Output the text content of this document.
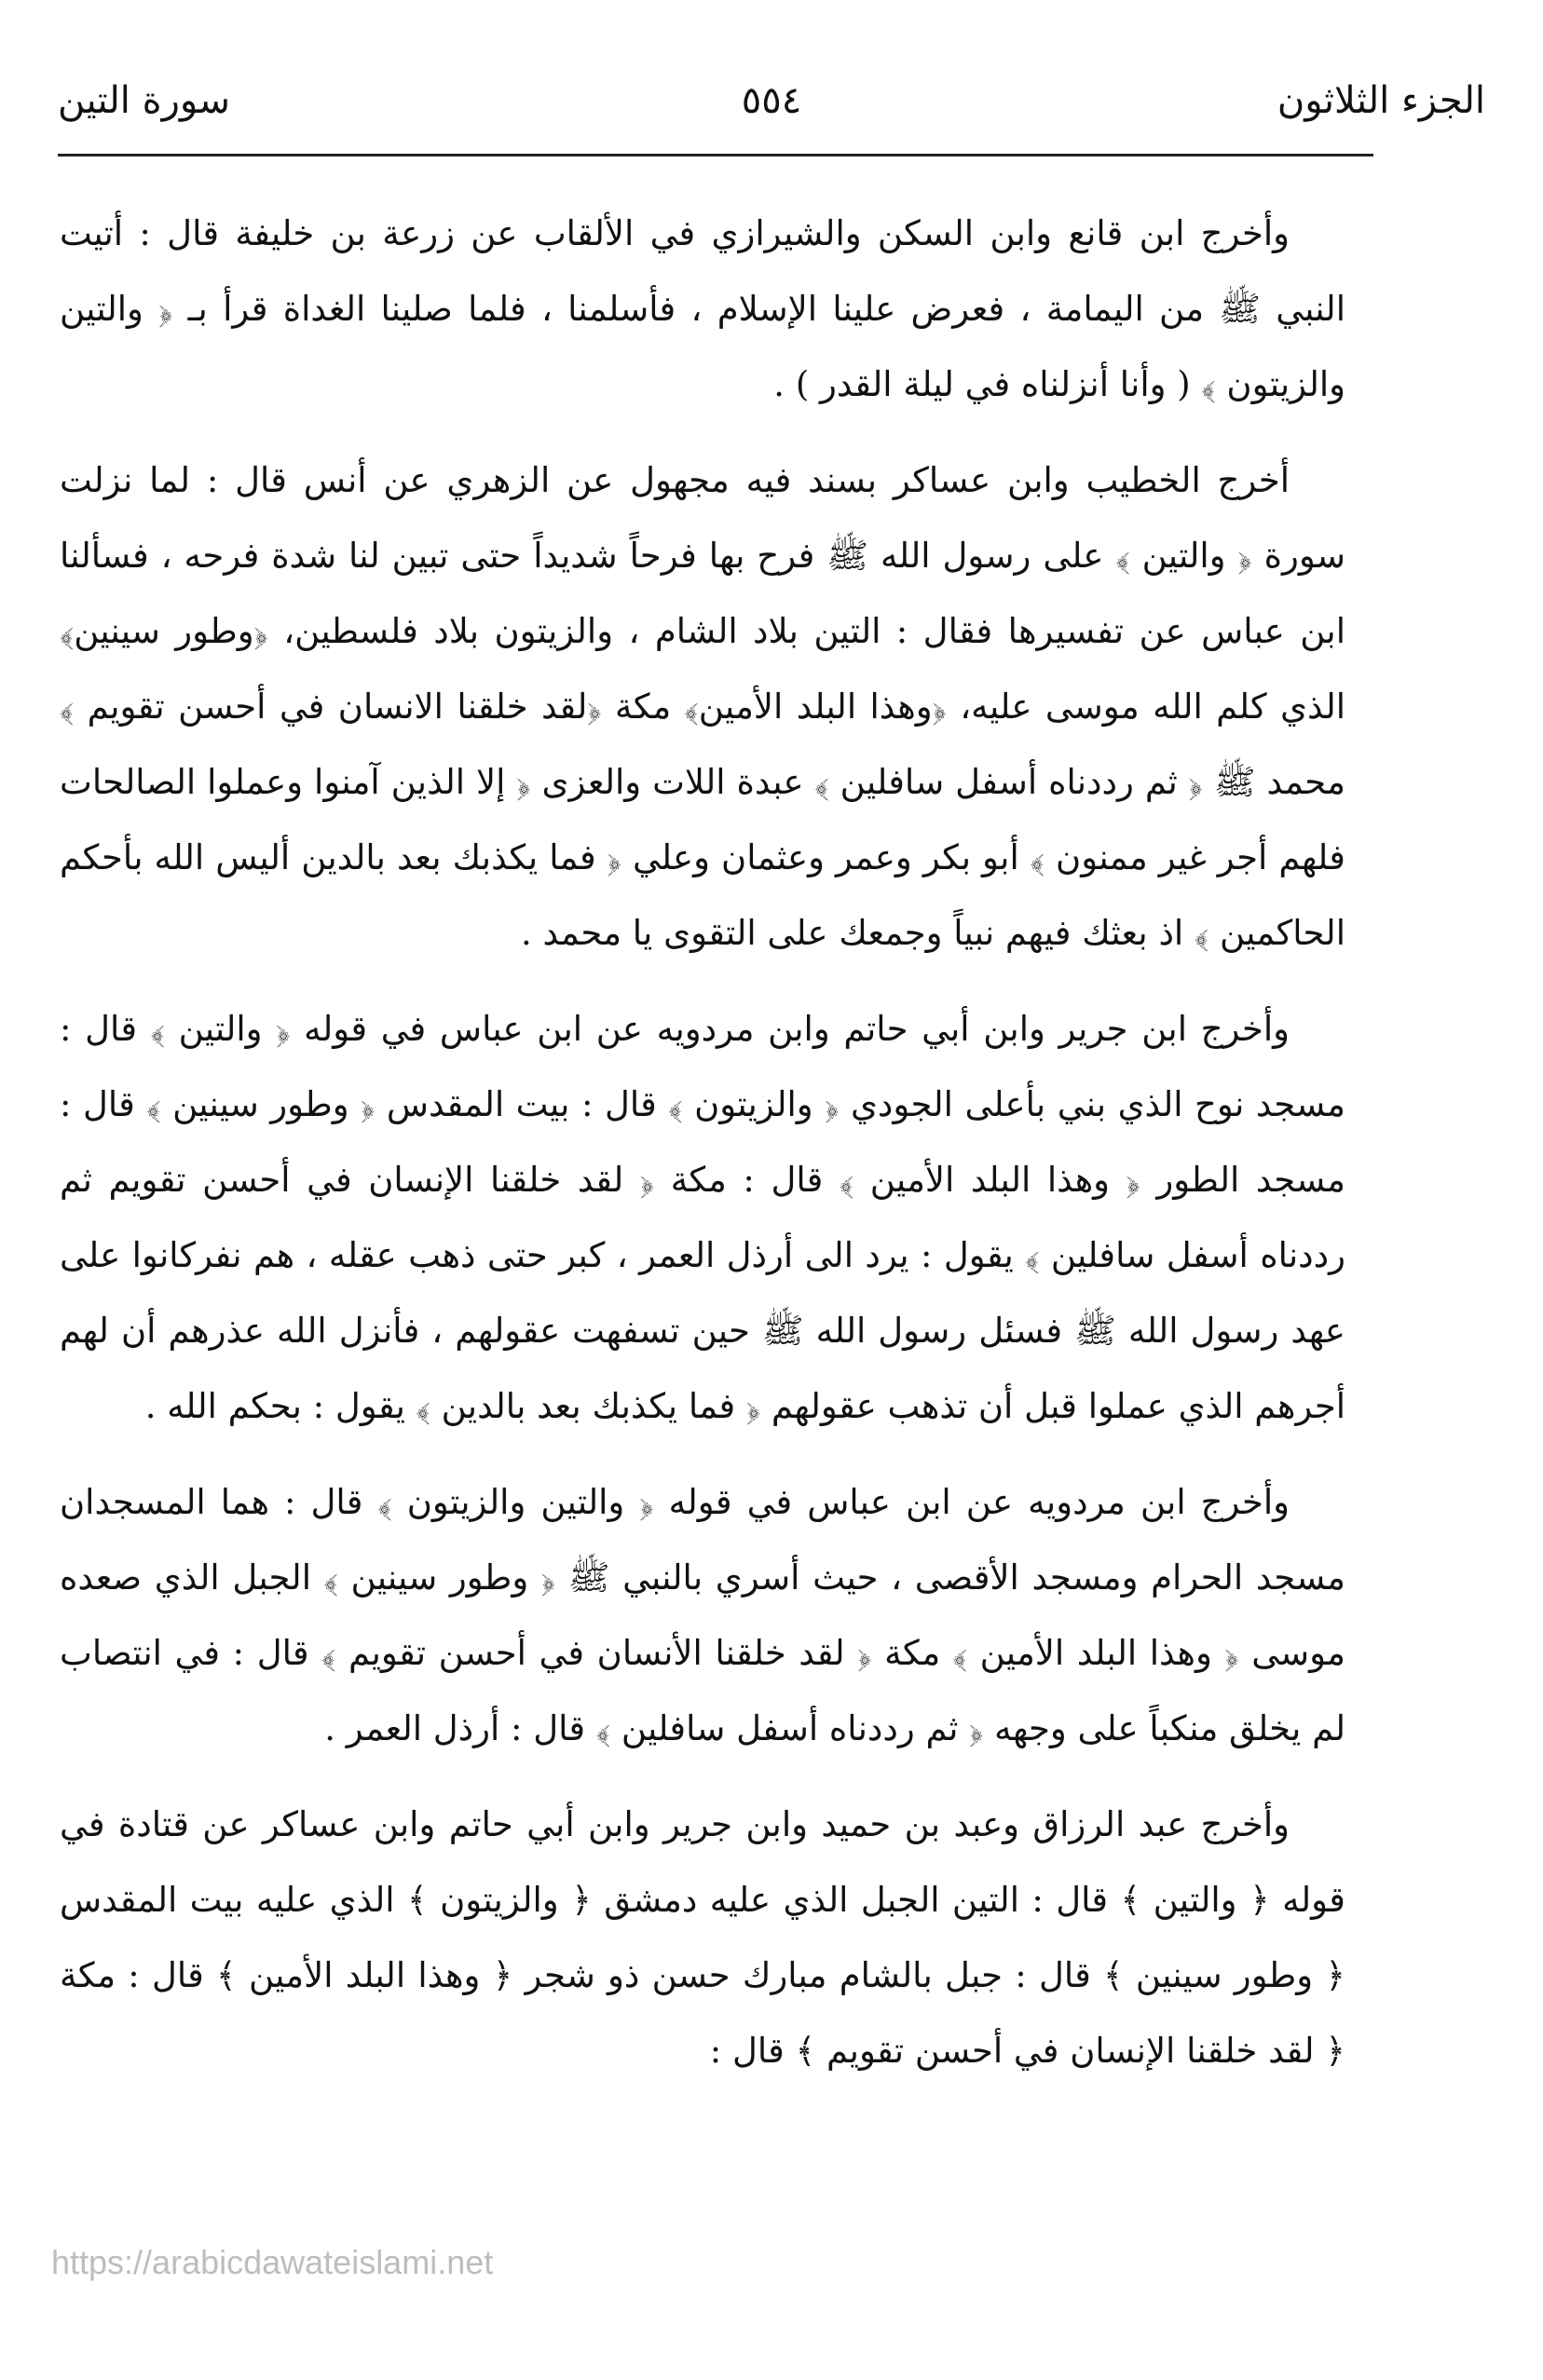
الجزء الثلاثون
٥٥٤
سورة التين

وأخرج ابن قانع وابن السكن والشيرازي في الألقاب عن زرعة بن خليفة قال : أتيت النبي ﷺ من اليمامة ، فعرض علينا الإسلام ، فأسلمنا ، فلما صلينا الغداة قرأ بـ ﴿ والتين والزيتون ﴾ ( وأنا أنزلناه في ليلة القدر ) .

أخرج الخطيب وابن عساكر بسند فيه مجهول عن الزهري عن أنس قال : لما نزلت سورة ﴿ والتين ﴾ على رسول الله ﷺ فرح بها فرحاً شديداً حتى تبين لنا شدة فرحه ، فسألنا ابن عباس عن تفسيرها فقال : التين بلاد الشام ، والزيتون بلاد فلسطين، ﴿وطور سينين﴾ الذي كلم الله موسى عليه، ﴿وهذا البلد الأمين﴾ مكة ﴿لقد خلقنا الانسان في أحسن تقويم ﴾ محمد ﷺ ﴿ ثم رددناه أسفل سافلين ﴾ عبدة اللات والعزى ﴿ إلا الذين آمنوا وعملوا الصالحات فلهم أجر غير ممنون ﴾ أبو بكر وعمر وعثمان وعلي ﴿ فما يكذبك بعد بالدين أليس الله بأحكم الحاكمين ﴾ اذ بعثك فيهم نبياً وجمعك على التقوى يا محمد .

وأخرج ابن جرير وابن أبي حاتم وابن مردويه عن ابن عباس في قوله ﴿ والتين ﴾ قال : مسجد نوح الذي بني بأعلى الجودي ﴿ والزيتون ﴾ قال : بيت المقدس ﴿ وطور سينين ﴾ قال : مسجد الطور ﴿ وهذا البلد الأمين ﴾ قال : مكة ﴿ لقد خلقنا الإنسان في أحسن تقويم ثم رددناه أسفل سافلين ﴾ يقول : يرد الى أرذل العمر ، كبر حتى ذهب عقله ، هم نفركانوا على عهد رسول الله ﷺ فسئل رسول الله ﷺ حين تسفهت عقولهم ، فأنزل الله عذرهم أن لهم أجرهم الذي عملوا قبل أن تذهب عقولهم ﴿ فما يكذبك بعد بالدين ﴾ يقول : بحكم الله .

وأخرج ابن مردويه عن ابن عباس في قوله ﴿ والتين والزيتون ﴾ قال : هما المسجدان مسجد الحرام ومسجد الأقصى ، حيث أسري بالنبي ﷺ ﴿ وطور سينين ﴾ الجبل الذي صعده موسى ﴿ وهذا البلد الأمين ﴾ مكة ﴿ لقد خلقنا الأنسان في أحسن تقويم ﴾ قال : في انتصاب لم يخلق منكباً على وجهه ﴿ ثم رددناه أسفل سافلين ﴾ قال : أرذل العمر .

وأخرج عبد الرزاق وعبد بن حميد وابن جرير وابن أبي حاتم وابن عساكر عن قتادة في قوله ﴿ والتين ﴾ قال : التين الجبل الذي عليه دمشق ﴿ والزيتون ﴾ الذي عليه بيت المقدس ﴿ وطور سينين ﴾ قال : جبل بالشام مبارك حسن ذو شجر ﴿ وهذا البلد الأمين ﴾ قال : مكة ﴿ لقد خلقنا الإنسان في أحسن تقويم ﴾ قال :

https://arabicdawateislami.net
